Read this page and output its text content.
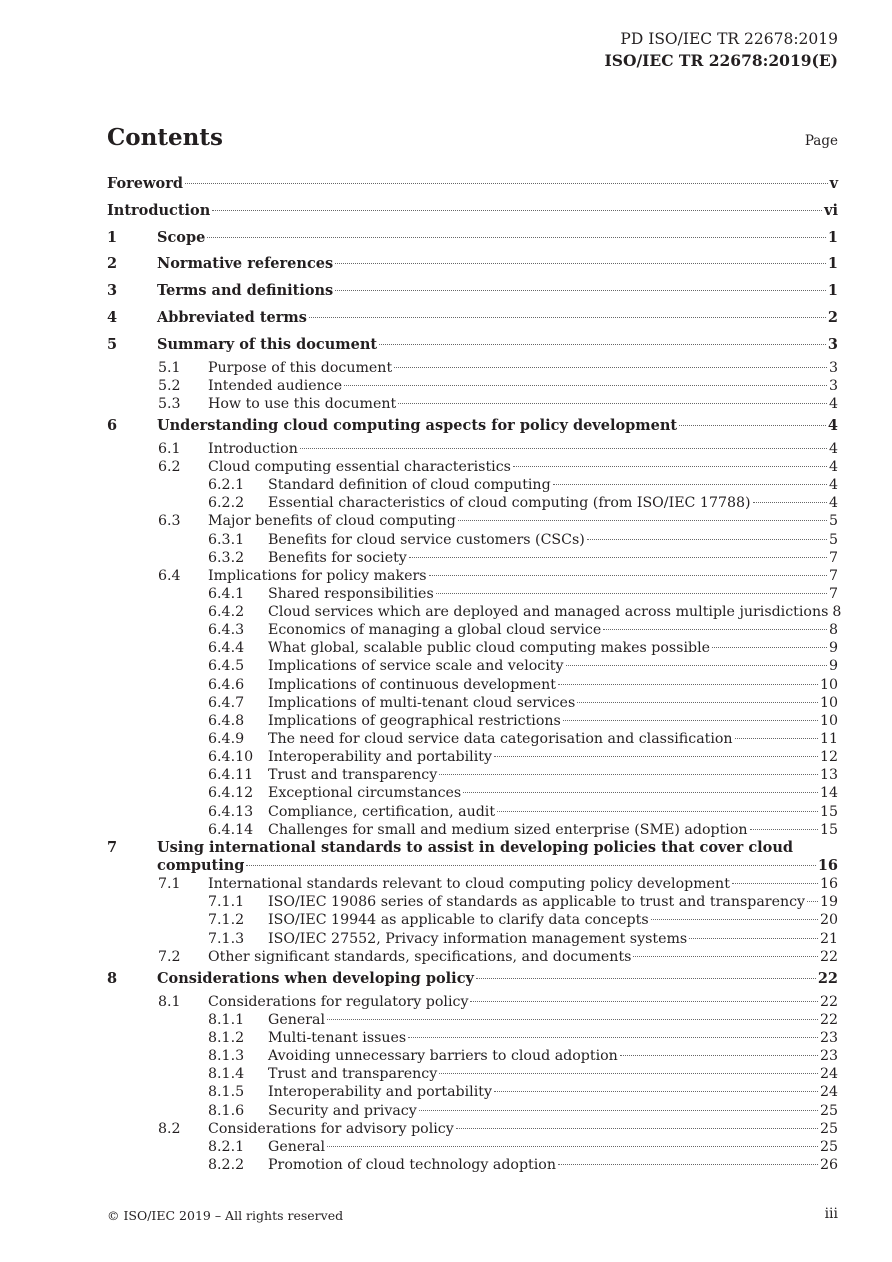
PD ISO/IEC TR 22678:2019
ISO/IEC TR 22678:2019(E)
Contents	Page
Foreword	v
Introduction	vi
1	Scope	1
2	Normative references	1
3	Terms and definitions	1
4	Abbreviated terms	2
5	Summary of this document	3
5.1 Purpose of this document	3
5.2 Intended audience	3
5.3 How to use this document	4
6	Understanding cloud computing aspects for policy development	4
6.1 Introduction	4
6.2 Cloud computing essential characteristics	4
6.2.1 Standard definition of cloud computing	4
6.2.2 Essential characteristics of cloud computing (from ISO/IEC 17788)	4
6.3 Major benefits of cloud computing	5
6.3.1 Benefits for cloud service customers (CSCs)	5
6.3.2 Benefits for society	7
6.4 Implications for policy makers	7
6.4.1 Shared responsibilities	7
6.4.2 Cloud services which are deployed and managed across multiple jurisdictions 8
6.4.3 Economics of managing a global cloud service	8
6.4.4 What global, scalable public cloud computing makes possible	9
6.4.5 Implications of service scale and velocity	9
6.4.6 Implications of continuous development	10
6.4.7 Implications of multi-tenant cloud services	10
6.4.8 Implications of geographical restrictions	10
6.4.9 The need for cloud service data categorisation and classification	11
6.4.10 Interoperability and portability	12
6.4.11 Trust and transparency	13
6.4.12 Exceptional circumstances	14
6.4.13 Compliance, certification, audit	15
6.4.14 Challenges for small and medium sized enterprise (SME) adoption	15
7	Using international standards to assist in developing policies that cover cloud
computing	16
7.1 International standards relevant to cloud computing policy development	16
7.1.1 ISO/IEC 19086 series of standards as applicable to trust and transparency 19
7.1.2 ISO/IEC 19944 as applicable to clarify data concepts	20
7.1.3 ISO/IEC 27552, Privacy information management systems	21
7.2 Other significant standards, specifications, and documents	22
8	Considerations when developing policy	22
8.1 Considerations for regulatory policy	22
8.1.1 General	22
8.1.2 Multi-tenant issues	23
8.1.3 Avoiding unnecessary barriers to cloud adoption	23
8.1.4 Trust and transparency	24
8.1.5 Interoperability and portability	24
8.1.6 Security and privacy	25
8.2 Considerations for advisory policy	25
8.2.1 General	25
8.2.2 Promotion of cloud technology adoption	26
© ISO/IEC 2019 – All rights reserved	iii
